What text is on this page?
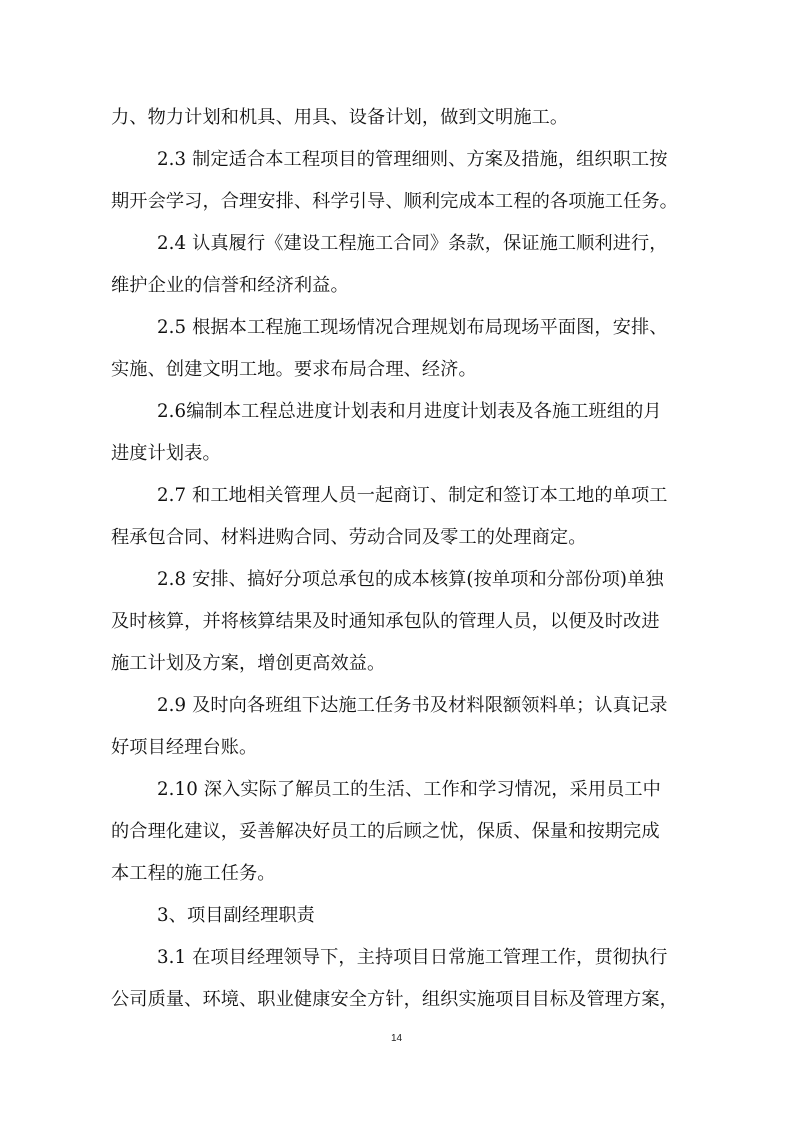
力、物力计划和机具、用具、设备计划，做到文明施工。
2.3 制定适合本工程项目的管理细则、方案及措施，组织职工按
期开会学习，合理安排、科学引导、顺利完成本工程的各项施工任务。
2.4 认真履行《建设工程施工合同》条款，保证施工顺利进行，
维护企业的信誉和经济利益。
2.5 根据本工程施工现场情况合理规划布局现场平面图，安排、
实施、创建文明工地。要求布局合理、经济。
2.6编制本工程总进度计划表和月进度计划表及各施工班组的月
进度计划表。
2.7 和工地相关管理人员一起商订、制定和签订本工地的单项工
程承包合同、材料进购合同、劳动合同及零工的处理商定。
2.8 安排、搞好分项总承包的成本核算(按单项和分部份项)单独
及时核算，并将核算结果及时通知承包队的管理人员，以便及时改进
施工计划及方案，增创更高效益。
2.9 及时向各班组下达施工任务书及材料限额领料单；认真记录
好项目经理台账。
2.10 深入实际了解员工的生活、工作和学习情况，采用员工中
的合理化建议，妥善解决好员工的后顾之忧，保质、保量和按期完成
本工程的施工任务。
3、项目副经理职责
3.1 在项目经理领导下，主持项目日常施工管理工作，贯彻执行
公司质量、环境、职业健康安全方针，组织实施项目目标及管理方案，
14
